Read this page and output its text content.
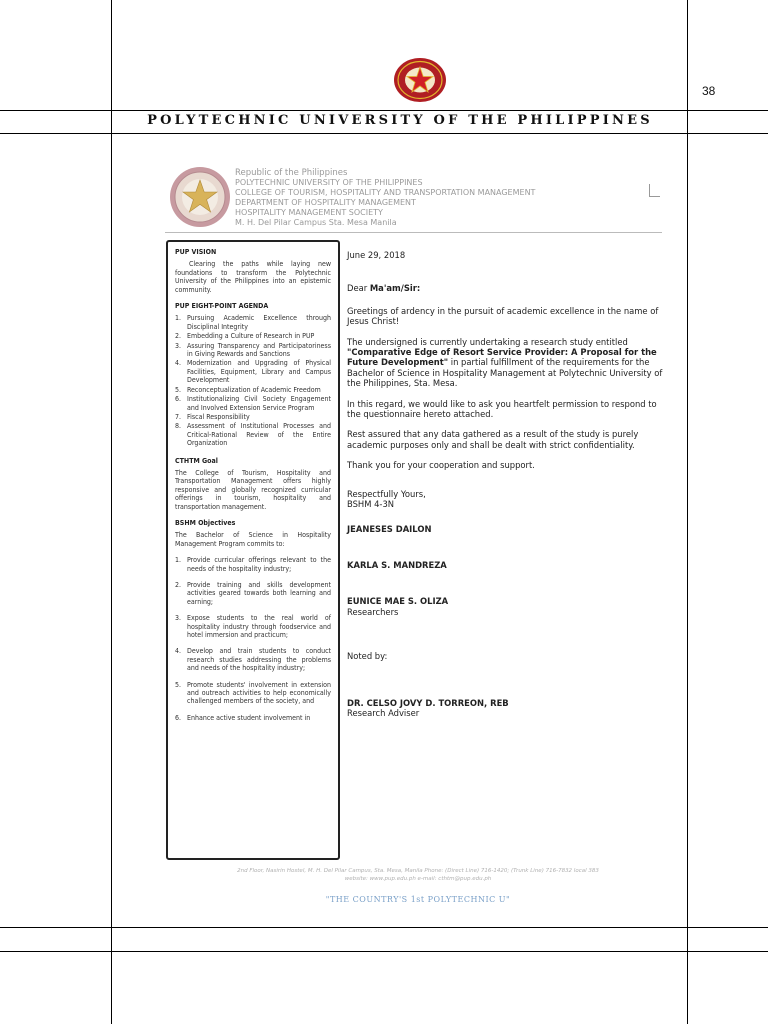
38
POLYTECHNIC UNIVERSITY OF THE PHILIPPINES
Republic of the Philippines
POLYTECHNIC UNIVERSITY OF THE PHILIPPINES
COLLEGE OF TOURISM, HOSPITALITY AND TRANSPORTATION MANAGEMENT
DEPARTMENT OF HOSPITALITY MANAGEMENT
HOSPITALITY MANAGEMENT SOCIETY
M. H. Del Pilar Campus Sta. Mesa Manila
PUP VISION

Clearing the paths while laying new foundations to transform the Polytechnic University of the Philippines into an epistemic community.

PUP EIGHT-POINT AGENDA
1. Pursuing Academic Excellence through Disciplinal Integrity
2. Embedding a Culture of Research in PUP
3. Assuring Transparency and Participatoriness in Giving Rewards and Sanctions
4. Modernization and Upgrading of Physical Facilities, Equipment, Library and Campus Development
5. Reconceptualization of Academic Freedom
6. Institutionalizing Civil Society Engagement and Involved Extension Service Program
7. Fiscal Responsibility
8. Assessment of Institutional Processes and Critical-Rational Review of the Entire Organization
CTHTM Goal

The College of Tourism, Hospitality and Transportation Management offers highly responsive and globally recognized curricular offerings in tourism, hospitality and transportation management.

BSHM Objectives

The Bachelor of Science in Hospitality Management Program commits to:

1. Provide curricular offerings relevant to the needs of the hospitality industry;
2. Provide training and skills development activities geared towards both learning and earning;
3. Expose students to the real world of hospitality industry through foodservice and hotel immersion and practicum;
4. Develop and train students to conduct research studies addressing the problems and needs of the hospitality industry;
5. Promote students' involvement in extension and outreach activities to help economically challenged members of the society, and
6. Enhance active student involvement in

June 29, 2018

Dear Ma'am/Sir:

Greetings of ardency in the pursuit of academic excellence in the name of Jesus Christ!

The undersigned is currently undertaking a research study entitled "Comparative Edge of Resort Service Provider: A Proposal for the Future Development" in partial fulfillment of the requirements for the Bachelor of Science in Hospitality Management at Polytechnic University of the Philippines, Sta. Mesa.

In this regard, we would like to ask you heartfelt permission to respond to the questionnaire hereto attached.

Rest assured that any data gathered as a result of the study is purely academic purposes only and shall be dealt with strict confidentiality.

Thank you for your cooperation and support.

Respectfully Yours,

BSHM 4-3N

JEANESES DAILON

KARLA S. MANDREZA

EUNICE MAE S. OLIZA

Researchers

Noted by:

DR. CELSO JOVY D. TORREON, REB

Research Adviser

2nd Floor, Nasirin Hostel, M. H. Del Pilar Campus, Sta. Mesa, Manila Phone: (Direct Line) 716-1420; (Trunk Line) 716-7832 local 383
website: www.pup.edu.ph e-mail: cthtm@pup.edu.ph
"THE COUNTRY'S 1st POLYTECHNIC U"
